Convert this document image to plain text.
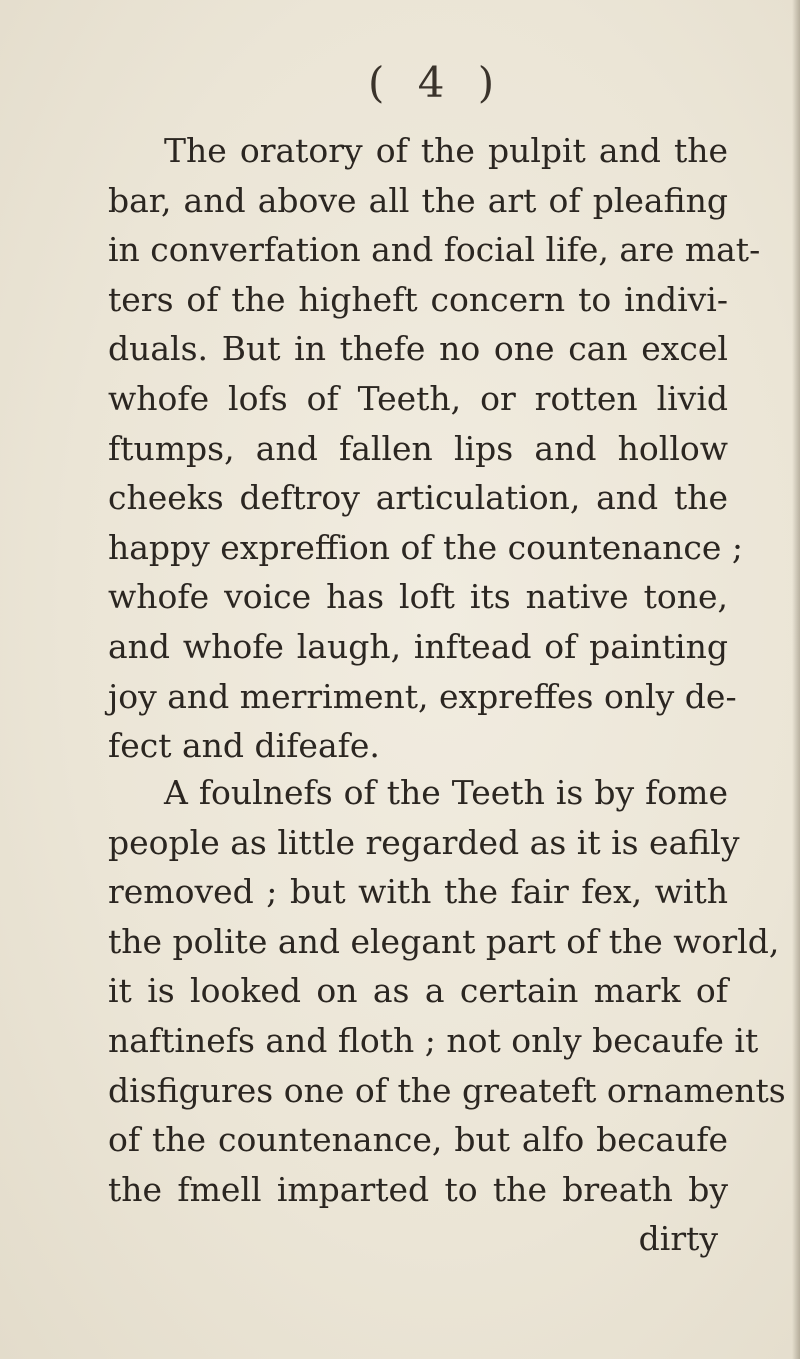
( 4 )
The oratory of the pulpit and the
bar, and above all the art of pleafing
in converfation and focial life, are mat-
ters of the higheft concern to indivi-
duals. But in thefe no one can excel
whofe lofs of Teeth, or rotten livid
ftumps, and fallen lips and hollow
cheeks deftroy articulation, and the
happy expreffion of the countenance ;
whofe voice has loft its native tone,
and whofe laugh, inftead of painting
joy and merriment, expreffes only de-
fect and difeafe.
A foulnefs of the Teeth is by fome
people as little regarded as it is eafily
removed ; but with the fair fex, with
the polite and elegant part of the world,
it is looked on as a certain mark of
naftinefs and floth ; not only becaufe it
disfigures one of the greateft ornaments
of the countenance, but alfo becaufe
the fmell imparted to the breath by
dirty
